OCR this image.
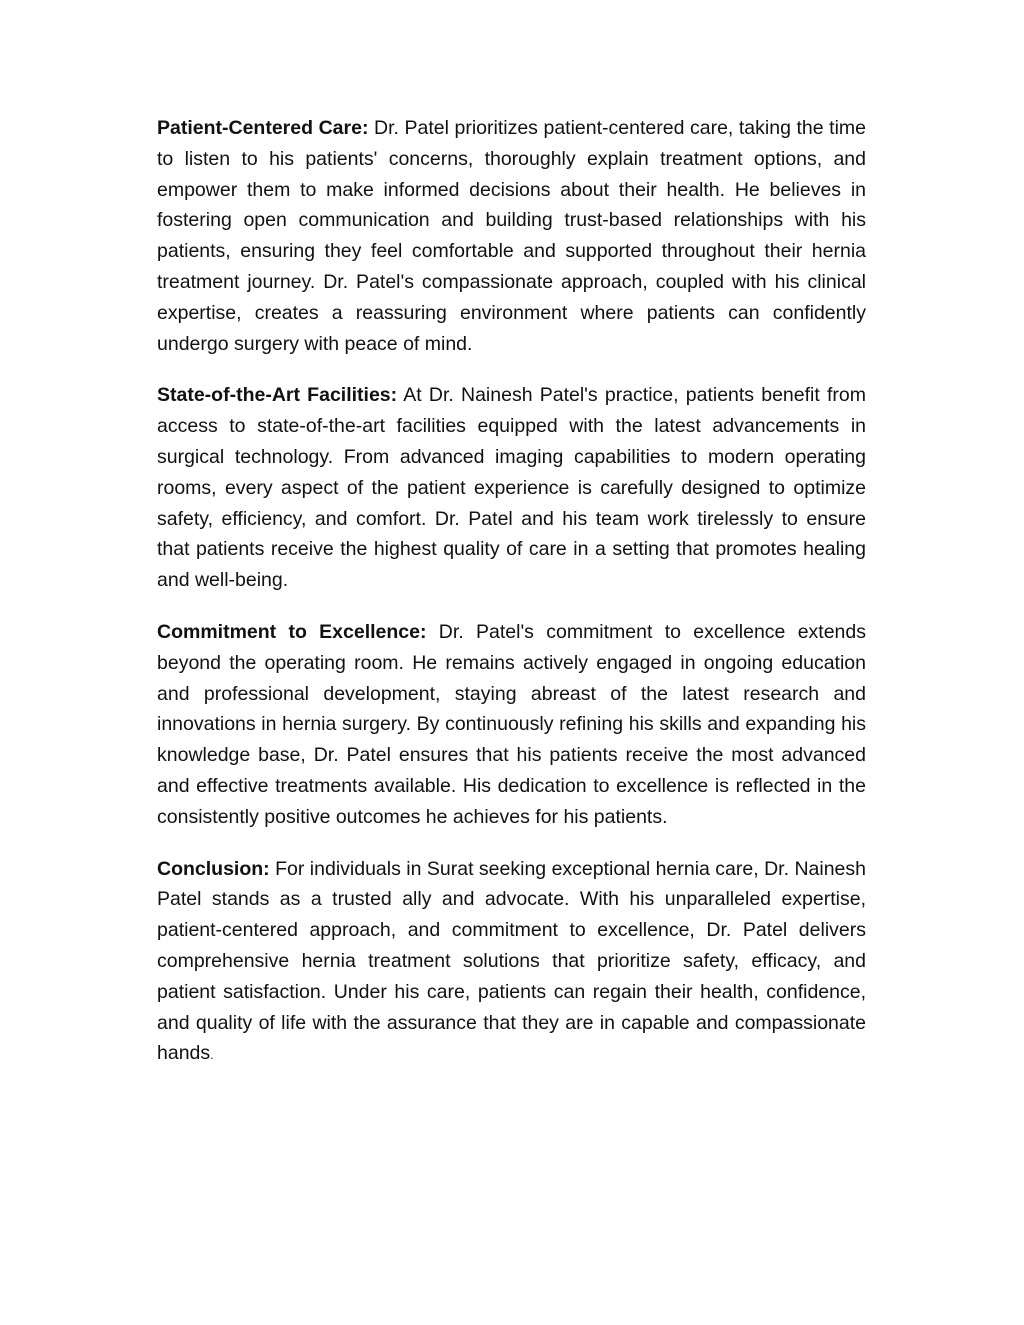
Patient-Centered Care: Dr. Patel prioritizes patient-centered care, taking the time to listen to his patients' concerns, thoroughly explain treatment options, and empower them to make informed decisions about their health. He believes in fostering open communication and building trust-based relationships with his patients, ensuring they feel comfortable and supported throughout their hernia treatment journey. Dr. Patel's compassionate approach, coupled with his clinical expertise, creates a reassuring environment where patients can confidently undergo surgery with peace of mind.

State-of-the-Art Facilities: At Dr. Nainesh Patel's practice, patients benefit from access to state-of-the-art facilities equipped with the latest advancements in surgical technology. From advanced imaging capabilities to modern operating rooms, every aspect of the patient experience is carefully designed to optimize safety, efficiency, and comfort. Dr. Patel and his team work tirelessly to ensure that patients receive the highest quality of care in a setting that promotes healing and well-being.

Commitment to Excellence: Dr. Patel's commitment to excellence extends beyond the operating room. He remains actively engaged in ongoing education and professional development, staying abreast of the latest research and innovations in hernia surgery. By continuously refining his skills and expanding his knowledge base, Dr. Patel ensures that his patients receive the most advanced and effective treatments available. His dedication to excellence is reflected in the consistently positive outcomes he achieves for his patients.

Conclusion: For individuals in Surat seeking exceptional hernia care, Dr. Nainesh Patel stands as a trusted ally and advocate. With his unparalleled expertise, patient-centered approach, and commitment to excellence, Dr. Patel delivers comprehensive hernia treatment solutions that prioritize safety, efficacy, and patient satisfaction. Under his care, patients can regain their health, confidence, and quality of life with the assurance that they are in capable and compassionate hands.
